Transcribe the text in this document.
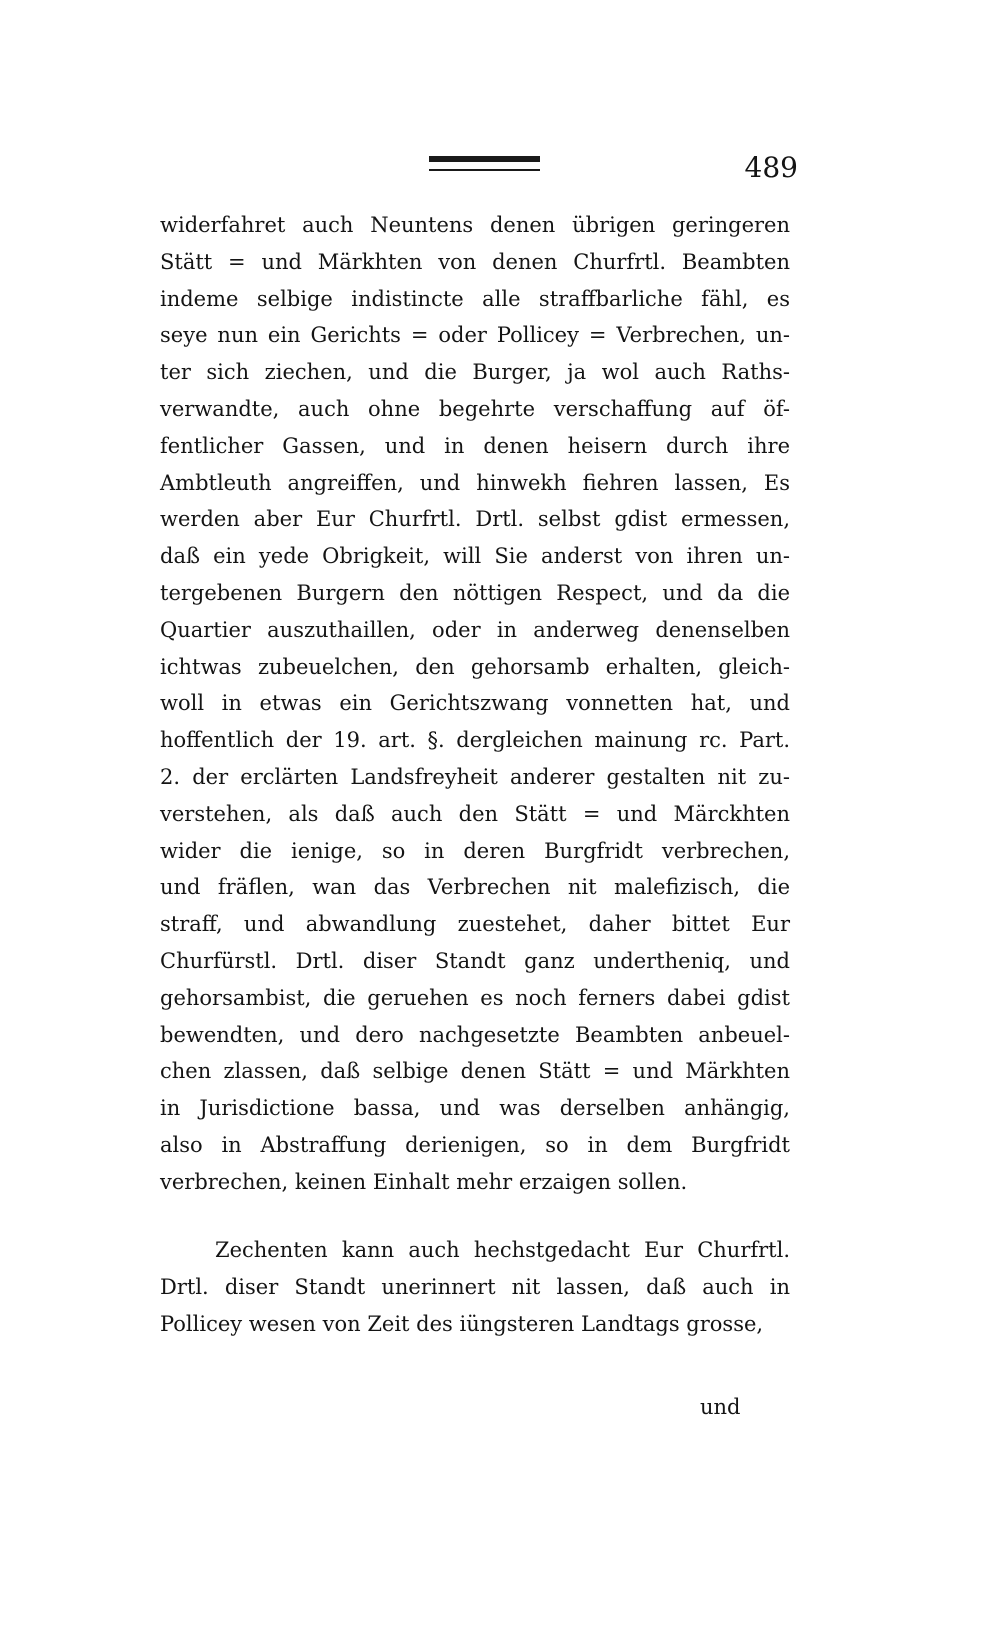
489
widerfahret auch Neuntens denen übrigen geringeren
Stätt = und Märkhten von denen Churfrtl. Beambten
indeme selbige indistincte alle straffbarliche fähl, es
seye nun ein Gerichts = oder Pollicey = Verbrechen, un-
ter sich ziechen, und die Burger, ja wol auch Raths-
verwandte, auch ohne begehrte verschaffung auf öf-
fentlicher Gassen, und in denen heisern durch ihre
Ambtleuth angreiffen, und hinwekh fiehren lassen, Es
werden aber Eur Churfrtl. Drtl. selbst gdist ermessen,
daß ein yede Obrigkeit, will Sie anderst von ihren un-
tergebenen Burgern den nöttigen Respect, und da die
Quartier auszuthaillen, oder in anderweg denenselben
ichtwas zubeuelchen, den gehorsamb erhalten, gleich-
woll in etwas ein Gerichtszwang vonnetten hat, und
hoffentlich der 19. art. §. dergleichen mainung rc. Part.
2. der erclärten Landsfreyheit anderer gestalten nit zu-
verstehen, als daß auch den Stätt = und Märckhten
wider die ienige, so in deren Burgfridt verbrechen,
und fräflen, wan das Verbrechen nit malefizisch, die
straff, und abwandlung zuestehet, daher bittet Eur
Churfürstl. Drtl. diser Standt ganz undertheniq, und
gehorsambist, die geruehen es noch ferners dabei gdist
bewendten, und dero nachgesetzte Beambten anbeuel-
chen zlassen, daß selbige denen Stätt = und Märkhten
in Jurisdictione bassa, und was derselben anhängig,
also in Abstraffung derienigen, so in dem Burgfridt
verbrechen, keinen Einhalt mehr erzaigen sollen.
Zechenten kann auch hechstgedacht Eur Churfrtl.
Drtl. diser Standt unerinnert nit lassen, daß auch in
Pollicey wesen von Zeit des iüngsteren Landtags grosse,
und
